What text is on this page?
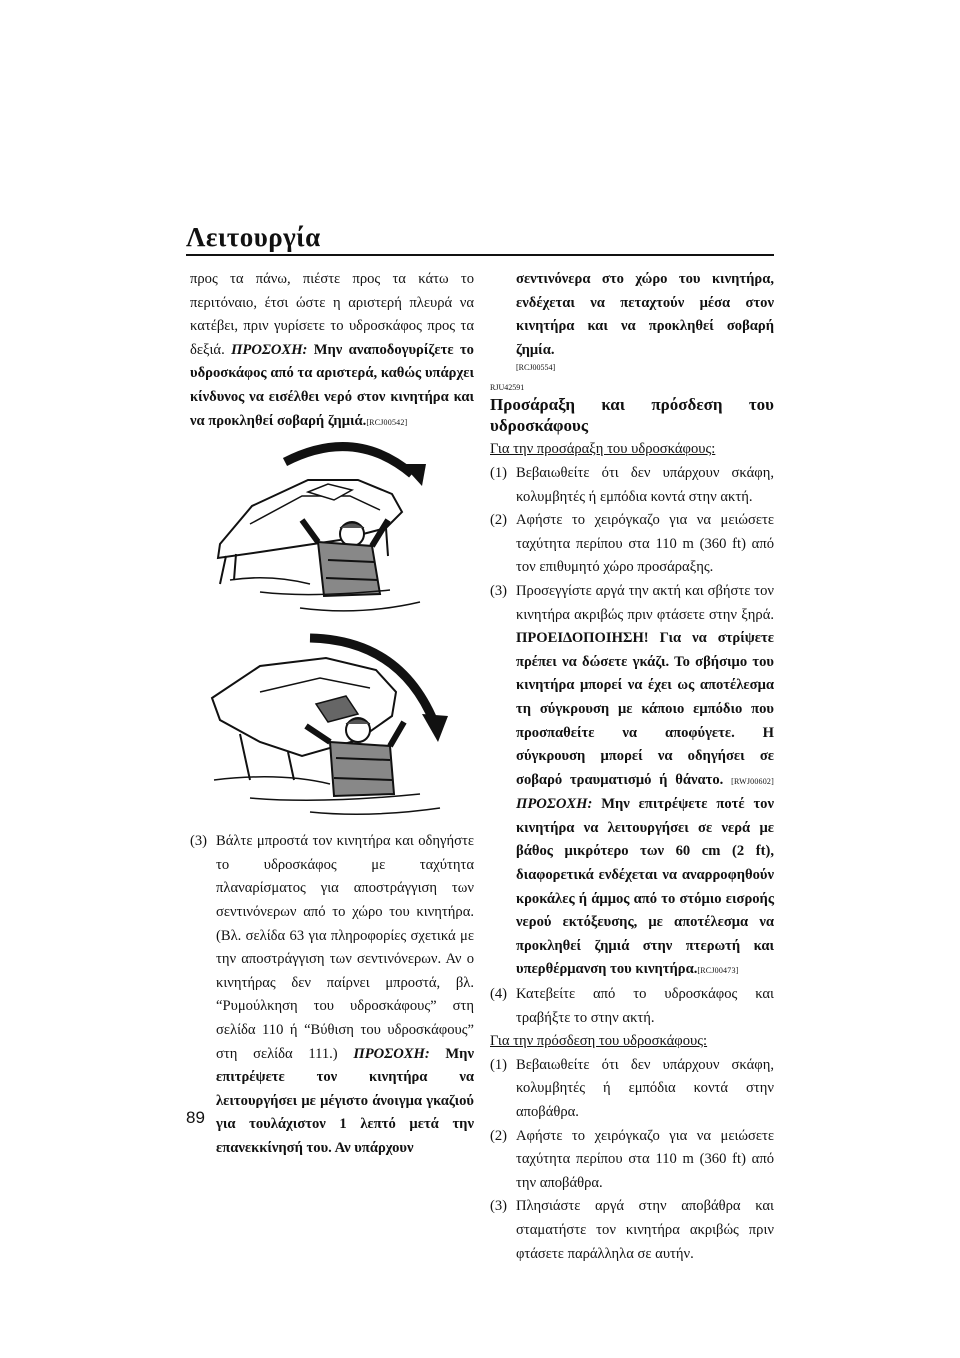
Λειτουργία

προς τα πάνω, πιέστε προς τα κάτω το περιτόναιο, έτσι ώστε η αριστερή πλευρά να κατέβει, πριν γυρίσετε το υδροσκάφος προς τα δεξιά. ΠΡΟΣΟΧΗ: Μην αναποδογυρίζετε το υδροσκάφος από τα αριστερά, καθώς υπάρχει κίνδυνος να εισέλθει νερό στον κινητήρα και να προκληθεί σοβαρή ζημιά.[RCJ00542]

(3) Βάλτε μπροστά τον κινητήρα και οδηγήστε το υδροσκάφος με ταχύτητα πλαναρίσματος για αποστράγγιση των σεντινόνερων από το χώρο του κινητήρα. (Βλ. σελίδα 63 για πληροφορίες σχετικά με την αποστράγγιση των σεντινόνερων. Αν ο κινητήρας δεν παίρνει μπροστά, βλ. “Ρυμούλκηση του υδροσκάφους” στη σελίδα 110 ή “Βύθιση του υδροσκάφους” στη σελίδα 111.) ΠΡΟΣΟΧΗ: Μην επιτρέψετε τον κινητήρα να λειτουργήσει με μέγιστο άνοιγμα γκαζιού για τουλάχιστον 1 λεπτό μετά την επανεκκίνησή του. Αν υπάρχουν

σεντινόνερα στο χώρο του κινητήρα, ενδέχεται να πεταχτούν μέσα στον κινητήρα και να προκληθεί σοβαρή ζημία.

[RCJ00554]

RJU42591

Προσάραξη και πρόσδεση του υδροσκάφους

Για την προσάραξη του υδροσκάφους:

(1) Βεβαιωθείτε ότι δεν υπάρχουν σκάφη, κολυμβητές ή εμπόδια κοντά στην ακτή.
(2) Αφήστε το χειρόγκαζο για να μειώσετε ταχύτητα περίπου στα 110 m (360 ft) από τον επιθυμητό χώρο προσάραξης.
(3) Προσεγγίστε αργά την ακτή και σβήστε τον κινητήρα ακριβώς πριν φτάσετε στην ξηρά. ΠΡΟΕΙΔΟΠΟΙΗΣΗ! Για να στρίψετε πρέπει να δώσετε γκάζι. Το σβήσιμο του κινητήρα μπορεί να έχει ως αποτέλεσμα τη σύγκρουση με κάποιο εμπόδιο που προσπαθείτε να αποφύγετε. Η σύγκρουση μπορεί να οδηγήσει σε σοβαρό τραυματισμό ή θάνατο. [RWJ00602] ΠΡΟΣΟΧΗ: Μην επιτρέψετε ποτέ τον κινητήρα να λειτουργήσει σε νερά με βάθος μικρότερο των 60 cm (2 ft), διαφορετικά ενδέχεται να αναρροφηθούν κροκάλες ή άμμος από το στόμιο εισροής νερού εκτόξευσης, με αποτέλεσμα να προκληθεί ζημιά στην πτερωτή και υπερθέρμανση του κινητήρα.[RCJ00473]
(4) Κατεβείτε από το υδροσκάφος και τραβήξτε το στην ακτή.

Για την πρόσδεση του υδροσκάφους:

(1) Βεβαιωθείτε ότι δεν υπάρχουν σκάφη, κολυμβητές ή εμπόδια κοντά στην αποβάθρα.
(2) Αφήστε το χειρόγκαζο για να μειώσετε ταχύτητα περίπου στα 110 m (360 ft) από την αποβάθρα.
(3) Πλησιάστε αργά στην αποβάθρα και σταματήστε τον κινητήρα ακριβώς πριν φτάσετε παράλληλα σε αυτήν.
89
